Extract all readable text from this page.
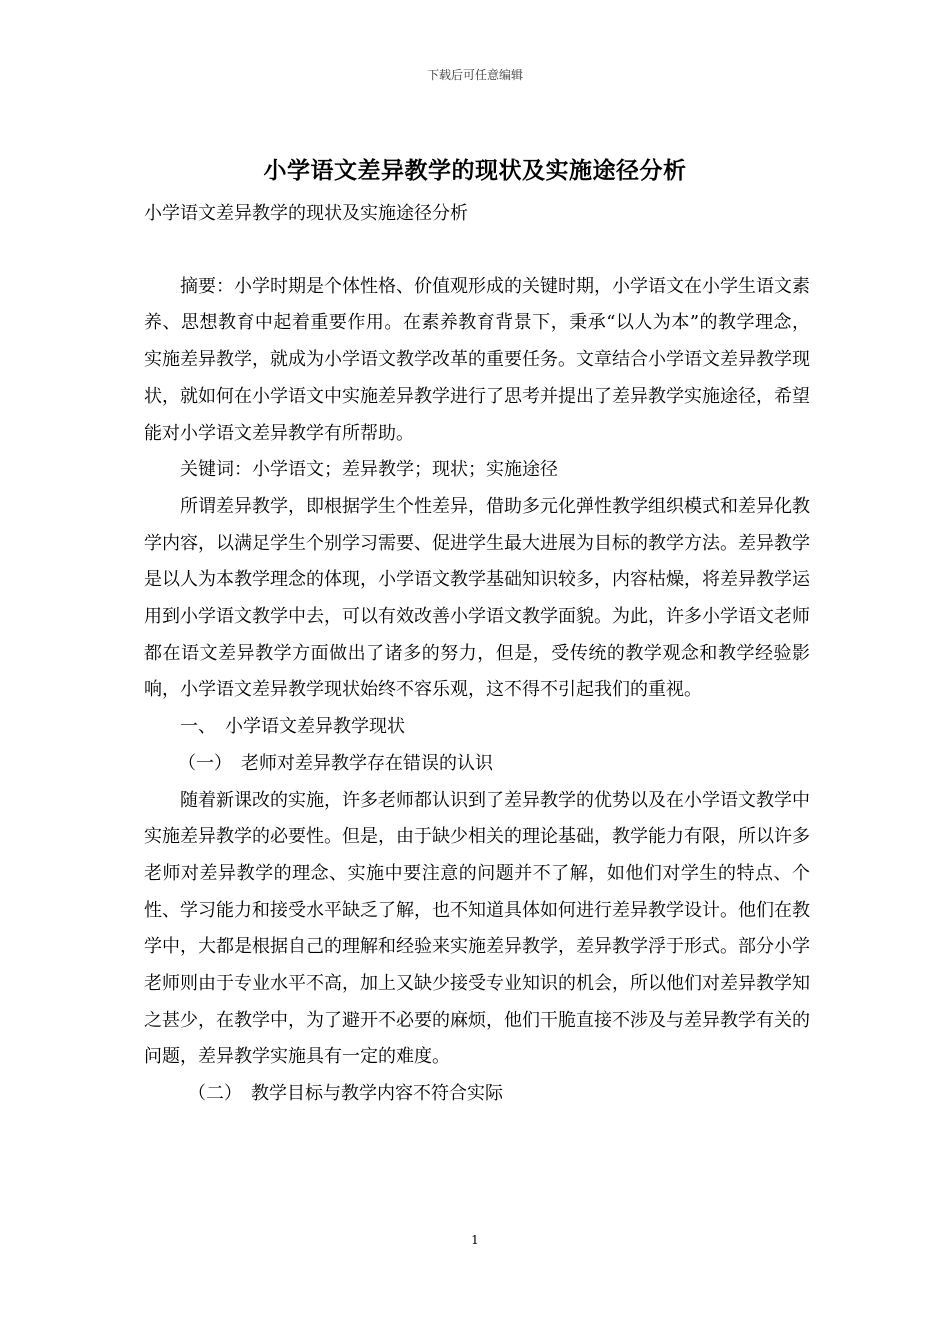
下载后可任意编辑
小学语文差异教学的现状及实施途径分析

小学语文差异教学的现状及实施途径分析

摘要：小学时期是个体性格、价值观形成的关键时期，小学语文在小学生语文素养、思想教育中起着重要作用。在素养教育背景下，秉承“以人为本”的教学理念，实施差异教学，就成为小学语文教学改革的重要任务。文章结合小学语文差异教学现状，就如何在小学语文中实施差异教学进行了思考并提出了差异教学实施途径，希望能对小学语文差异教学有所帮助。

关键词：小学语文；差异教学；现状；实施途径

所谓差异教学，即根据学生个性差异，借助多元化弹性教学组织模式和差异化教学内容，以满足学生个别学习需要、促进学生最大进展为目标的教学方法。差异教学是以人为本教学理念的体现，小学语文教学基础知识较多，内容枯燥，将差异教学运用到小学语文教学中去，可以有效改善小学语文教学面貌。为此，许多小学语文老师都在语文差异教学方面做出了诸多的努力，但是，受传统的教学观念和教学经验影响，小学语文差异教学现状始终不容乐观，这不得不引起我们的重视。

一、　小学语文差异教学现状

（一）　老师对差异教学存在错误的认识

随着新课改的实施，许多老师都认识到了差异教学的优势以及在小学语文教学中实施差异教学的必要性。但是，由于缺少相关的理论基础，教学能力有限，所以许多老师对差异教学的理念、实施中要注意的问题并不了解，如他们对学生的特点、个性、学习能力和接受水平缺乏了解，也不知道具体如何进行差异教学设计。他们在教学中，大都是根据自己的理解和经验来实施差异教学，差异教学浮于形式。部分小学老师则由于专业水平不高，加上又缺少接受专业知识的机会，所以他们对差异教学知之甚少，在教学中，为了避开不必要的麻烦，他们干脆直接不涉及与差异教学有关的问题，差异教学实施具有一定的难度。

（二）　教学目标与教学内容不符合实际

1
